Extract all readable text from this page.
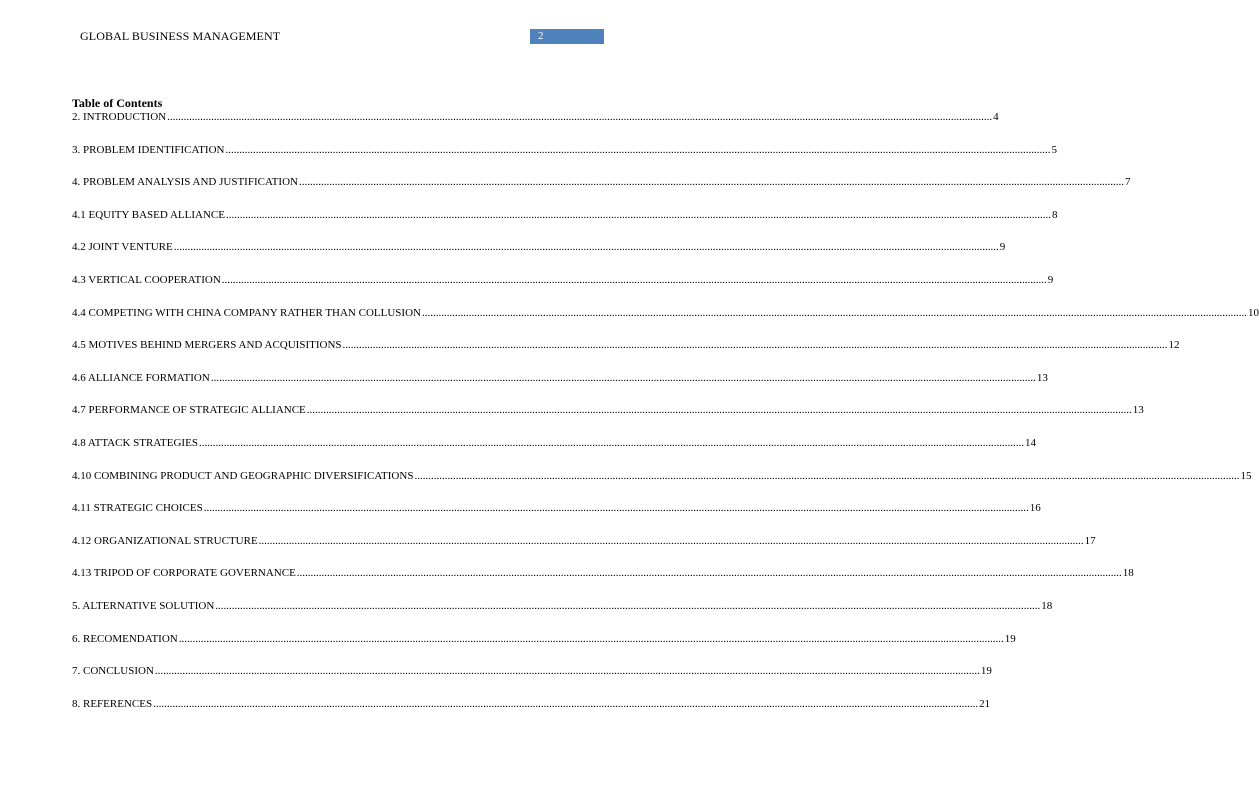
GLOBAL BUSINESS MANAGEMENT	2
Table of Contents
2. INTRODUCTION ............................................................................................................................................................................................................................................................................................................ 4
3. PROBLEM IDENTIFICATION ............................................................................................................................................................................................................................................................................................................ 5
4. PROBLEM ANALYSIS AND JUSTIFICATION ............................................................................................................................................................................................................................................................................................................ 7
4.1 EQUITY BASED ALLIANCE ............................................................................................................................................................................................................................................................................................................ 8
4.2 JOINT VENTURE ............................................................................................................................................................................................................................................................................................................ 9
4.3 VERTICAL COOPERATION ............................................................................................................................................................................................................................................................................................................ 9
4.4 COMPETING WITH CHINA COMPANY RATHER THAN COLLUSION ............................................................................................................................................................................................................................................................................................................ 10
4.5 MOTIVES BEHIND MERGERS AND ACQUISITIONS ............................................................................................................................................................................................................................................................................................................ 12
4.6 ALLIANCE FORMATION ............................................................................................................................................................................................................................................................................................................ 13
4.7 PERFORMANCE OF STRATEGIC ALLIANCE ............................................................................................................................................................................................................................................................................................................ 13
4.8 ATTACK STRATEGIES ............................................................................................................................................................................................................................................................................................................ 14
4.10 COMBINING PRODUCT AND GEOGRAPHIC DIVERSIFICATIONS ............................................................................................................................................................................................................................................................................................................ 15
4.11 STRATEGIC CHOICES ............................................................................................................................................................................................................................................................................................................ 16
4.12 ORGANIZATIONAL STRUCTURE ............................................................................................................................................................................................................................................................................................................ 17
4.13 TRIPOD OF CORPORATE GOVERNANCE ............................................................................................................................................................................................................................................................................................................ 18
5. ALTERNATIVE SOLUTION ............................................................................................................................................................................................................................................................................................................ 18
6. RECOMENDATION ............................................................................................................................................................................................................................................................................................................ 19
7. CONCLUSION ............................................................................................................................................................................................................................................................................................................ 19
8. REFERENCES ............................................................................................................................................................................................................................................................................................................ 21
